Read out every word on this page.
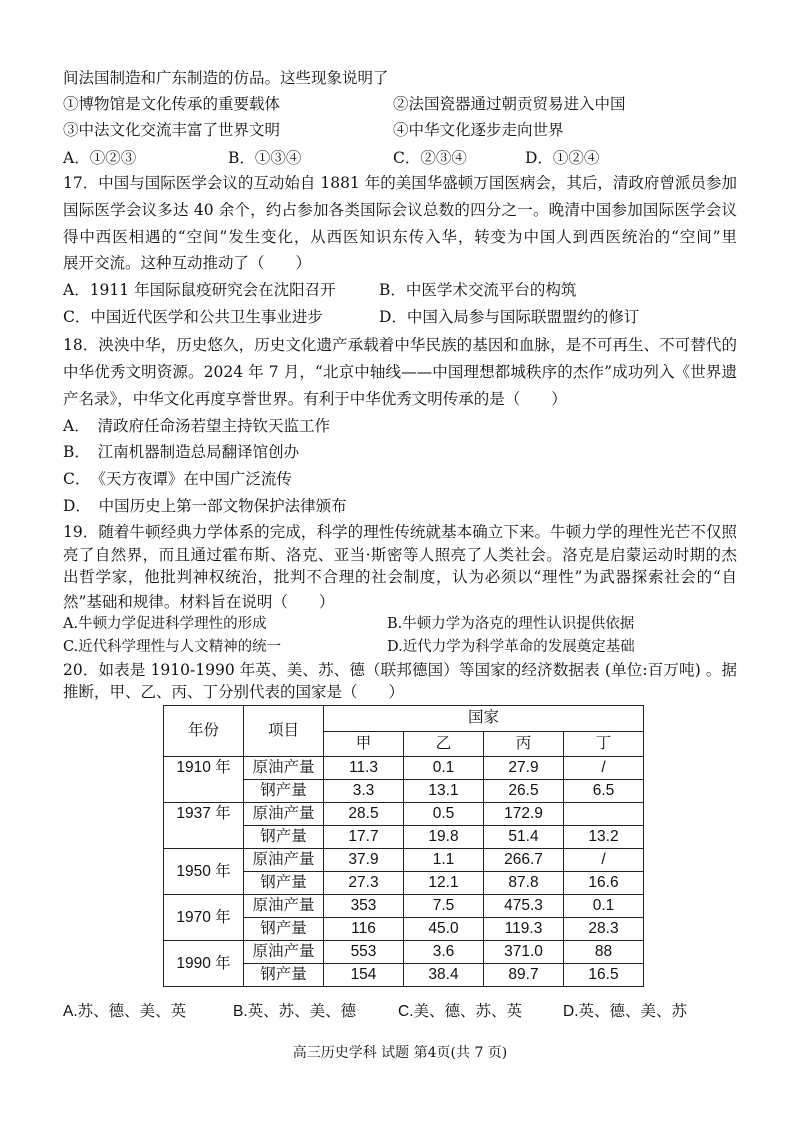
间法国制造和广东制造的仿品。这些现象说明了
①博物馆是文化传承的重要载体	②法国瓷器通过朝贡贸易进入中国
③中法文化交流丰富了世界文明	④中华文化逐步走向世界
A．①②③	B．①③④	C．②③④	D．①②④
17．中国与国际医学会议的互动始自 1881 年的美国华盛顿万国医病会，其后，清政府曾派员参加
国际医学会议多达 40 余个，约占参加各类国际会议总数的四分之一。晚清中国参加国际医学会议
得中西医相遇的“空间”发生变化，从西医知识东传入华，转变为中国人到西医统治的“空间”里
展开交流。这种互动推动了（　　）
A．1911 年国际鼠疫研究会在沈阳召开	B．中医学术交流平台的构筑
C．中国近代医学和公共卫生事业进步	D．中国入局参与国际联盟盟约的修订
18．泱泱中华，历史悠久，历史文化遗产承载着中华民族的基因和血脉，是不可再生、不可替代的
中华优秀文明资源。2024 年 7 月，“北京中轴线——中国理想都城秩序的杰作”成功列入《世界遗
产名录》，中华文化再度享誉世界。有利于中华优秀文明传承的是（　　）
A．　清政府任命汤若望主持钦天监工作
B．　江南机器制造总局翻译馆创办
C．　《天方夜谭》在中国广泛流传
D．　中国历史上第一部文物保护法律颁布
19．随着牛顿经典力学体系的完成，科学的理性传统就基本确立下来。牛顿力学的理性光芒不仅照
亮了自然界，而且通过霍布斯、洛克、亚当·斯密等人照亮了人类社会。洛克是启蒙运动时期的杰
出哲学家，他批判神权统治，批判不合理的社会制度，认为必须以“理性”为武器探索社会的“自
然”基础和规律。材料旨在说明（　　）
A.牛顿力学促进科学理性的形成	B.牛顿力学为洛克的理性认识提供依据
C.近代科学理性与人文精神的统一	D.近代力学为科学革命的发展奠定基础
20．如表是 1910-1990 年英、美、苏、德（联邦德国）等国家的经济数据表 (单位:百万吨) 。据
推断，甲、乙、丙、丁分别代表的国家是（　　）
年份	项目	国家			
		甲	乙	丙	丁
1910 年	原油产量	11.3	0.1	27.9	/
	钢产量	3.3	13.1	26.5	6.5
1937 年	原油产量	28.5	0.5	172.9	
	钢产量	17.7	19.8	51.4	13.2
1950 年	原油产量	37.9	1.1	266.7	/
	钢产量	27.3	12.1	87.8	16.6
1970 年	原油产量	353	7.5	475.3	0.1
	钢产量	116	45.0	119.3	28.3
1990 年	原油产量	553	3.6	371.0	88
	钢产量	154	38.4	89.7	16.5
A.苏、德、美、英	B.英、苏、美、德	C.美、德、苏、英	D.英、德、美、苏
高三历史学科 试题 第4页(共 7 页)
